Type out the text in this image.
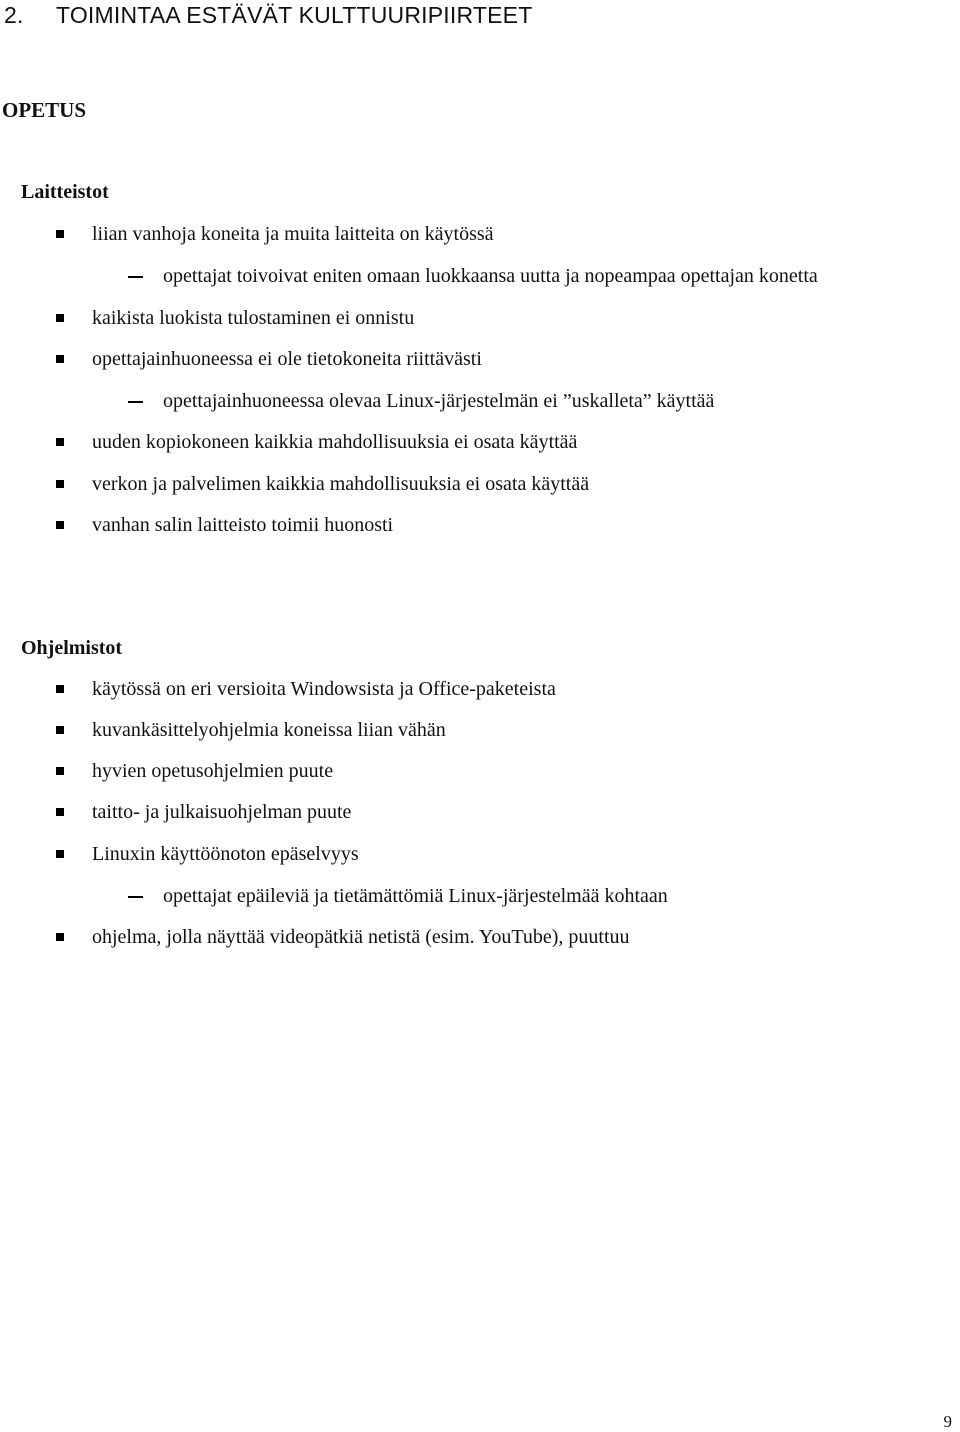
2. TOIMINTAA ESTÄVÄT KULTTUURIPIIRTEET
OPETUS
Laitteistot
liian vanhoja koneita ja muita laitteita on käytössä
opettajat toivoivat eniten omaan luokkaansa uutta ja nopeampaa opettajan konetta
kaikista luokista tulostaminen ei onnistu
opettajainhuoneessa ei ole tietokoneita riittävästi
opettajainhuoneessa olevaa Linux-järjestelmän ei ”uskalleta” käyttää
uuden kopiokoneen kaikkia mahdollisuuksia ei osata käyttää
verkon ja palvelimen kaikkia mahdollisuuksia ei osata käyttää
vanhan salin laitteisto toimii huonosti
Ohjelmistot
käytössä on eri versioita Windowsista ja Office-paketeista
kuvankäsittelyohjelmia koneissa liian vähän
hyvien opetusohjelmien puute
taitto- ja julkaisuohjelman puute
Linuxin käyttöönoton epäselvyys
opettajat epäileviä ja tietämättömiä Linux-järjestelmää kohtaan
ohjelma, jolla näyttää videopätkiä netistä (esim. YouTube), puuttuu
9
